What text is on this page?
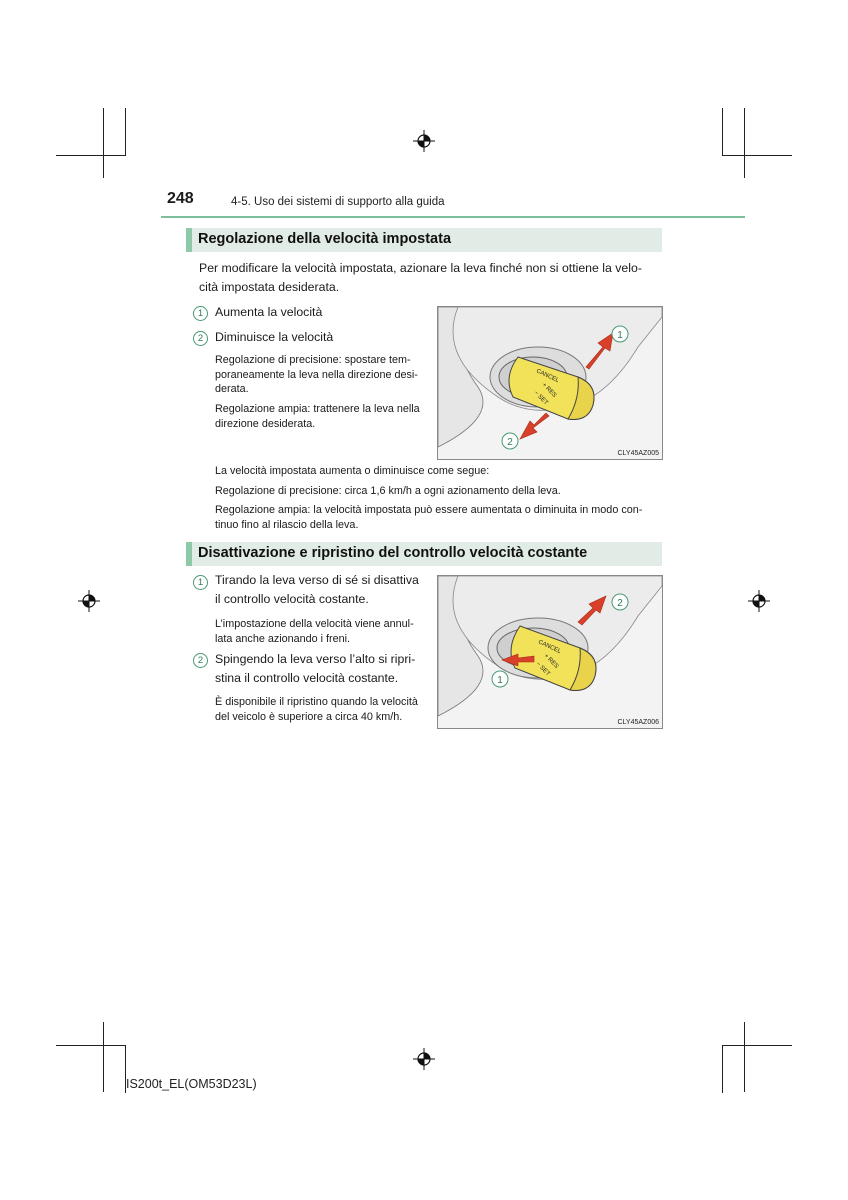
248	4-5. Uso dei sistemi di supporto alla guida
Regolazione della velocità impostata
Per modificare la velocità impostata, azionare la leva finché non si ottiene la velo-
cità impostata desiderata.
1 Aumenta la velocità
2 Diminuisce la velocità
Regolazione di precisione: spostare tem-
poraneamente la leva nella direzione desi-
derata.
Regolazione ampia: trattenere la leva nella
direzione desiderata.
CANCEL
+ RES
− SET
1
2
CLY45AZ005
La velocità impostata aumenta o diminuisce come segue:
Regolazione di precisione: circa 1,6 km/h a ogni azionamento della leva.
Regolazione ampia: la velocità impostata può essere aumentata o diminuita in modo con-
tinuo fino al rilascio della leva.
Disattivazione e ripristino del controllo velocità costante
1 Tirando la leva verso di sé si disattiva
il controllo velocità costante.
L’impostazione della velocità viene annul-
lata anche azionando i freni.
2 Spingendo la leva verso l’alto si ripri-
stina il controllo velocità costante.
È disponibile il ripristino quando la velocità
del veicolo è superiore a circa 40 km/h.
CANCEL
+ RES
− SET
2
1
CLY45AZ006
IS200t_EL(OM53D23L)
